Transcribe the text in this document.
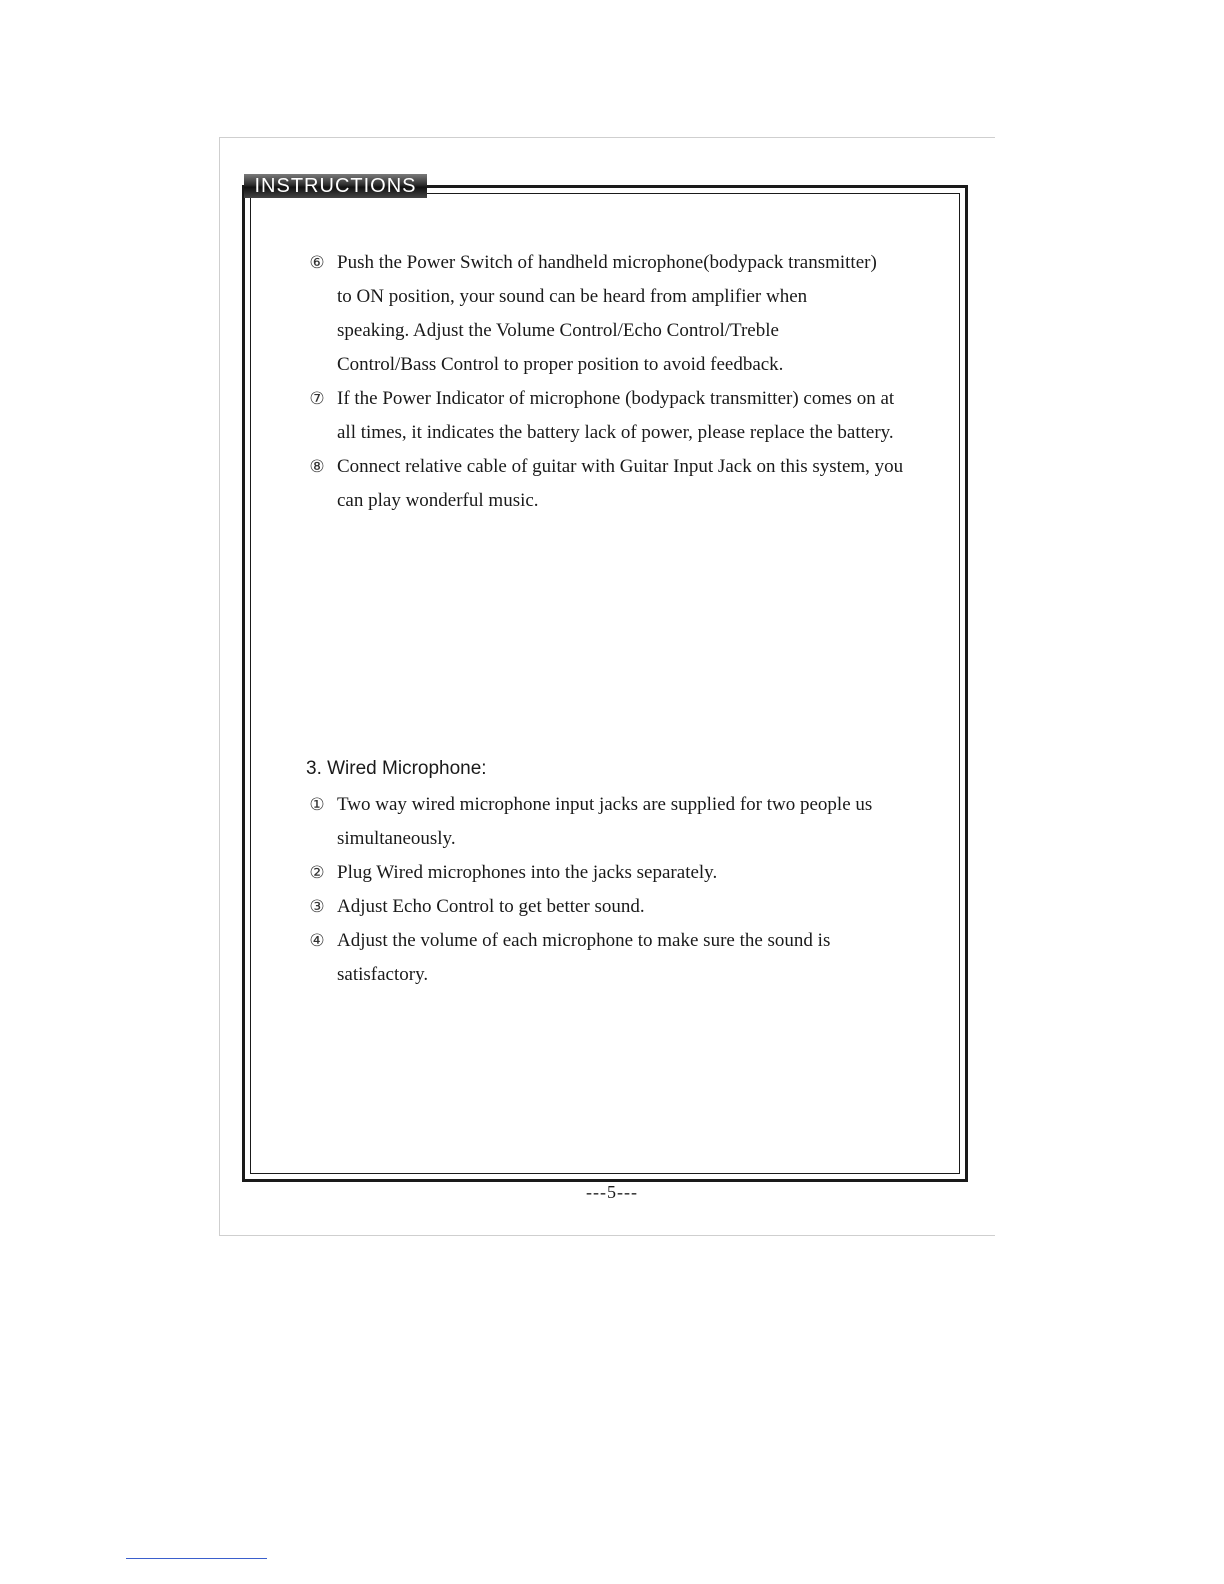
INSTRUCTIONS
⑥ Push the Power Switch of handheld microphone(bodypack transmitter) to ON position, your sound can be heard from amplifier when speaking. Adjust the Volume Control/Echo Control/Treble Control/Bass Control to proper position to avoid feedback.
⑦ If the Power Indicator of microphone (bodypack transmitter) comes on at all times, it indicates the battery lack of power, please replace the battery.
⑧ Connect relative cable of guitar with Guitar Input Jack on this system, you can play wonderful music.
3. Wired Microphone:
① Two way wired microphone input jacks are supplied for two people us simultaneously.
② Plug Wired microphones into the jacks separately.
③ Adjust Echo Control to get better sound.
④ Adjust the volume of each microphone to make sure the sound is satisfactory.
---5---
